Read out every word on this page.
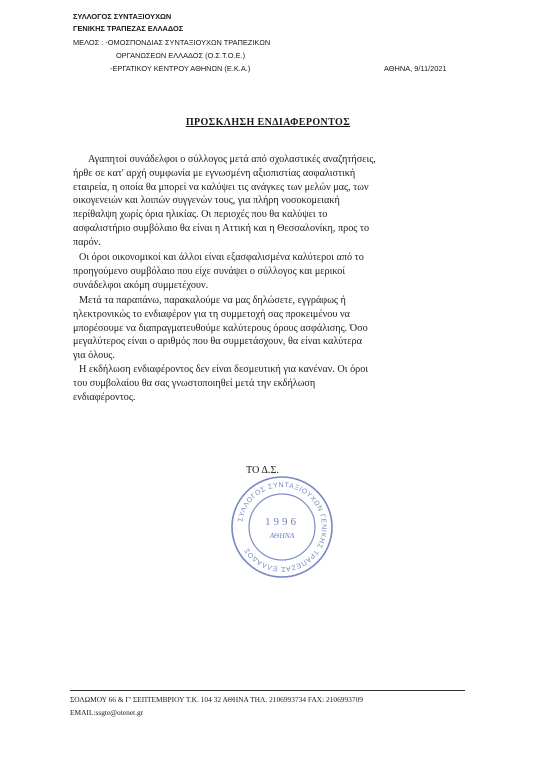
ΣΥΛΛΟΓΟΣ ΣΥΝΤΑΞΙΟΥΧΩΝ
ΓΕΝΙΚΗΣ ΤΡΑΠΕΖΑΣ ΕΛΛΑΔΟΣ
ΜΕΛΟΣ : -ΟΜΟΣΠΟΝΔΙΑΣ ΣΥΝΤΑΞΙΟΥΧΩΝ ΤΡΑΠΕΖΙΚΩΝ
ΟΡΓΑΝΩΣΕΩΝ ΕΛΛΑΔΟΣ (Ο.Σ.Τ.Ο.Ε.)
-ΕΡΓΑΤΙΚΟΥ ΚΕΝΤΡΟΥ ΑΘΗΝΩΝ (Ε.Κ.Α.)	ΑΘΗΝΑ, 9/11/2021
ΠΡΟΣΚΛΗΣΗ ΕΝΔΙΑΦΕΡΟΝΤΟΣ
Αγαπητοί συνάδελφοι ο σύλλογος μετά από σχολαστικές αναζητήσεις,
ήρθε σε κατ' αρχή συμφωνία με εγνωσμένη αξιοπιστίας ασφαλιστική
εταιρεία, η οποία θα μπορεί να καλύψει τις ανάγκες των μελών μας, των
οικογενειών και λοιπών συγγενών τους, για πλήρη νοσοκομειακή
περίθαλψη χωρίς όρια ηλικίας. Οι περιοχές που θα καλύψει το
ασφαλιστήριο συμβόλαιο θα είναι η Αττική και η Θεσσαλονίκη, προς το
παρόν.
Οι όροι οικονομικοί και άλλοι είναι εξασφαλισμένα καλύτεροι από το
προηγούμενο συμβόλαιο που είχε συνάψει ο σύλλογος και μερικοί
συνάδελφοι ακόμη συμμετέχουν.
Μετά τα παραπάνω, παρακαλούμε να μας δηλώσετε, εγγράφως ή
ηλεκτρονικώς το ενδιαφέρον για τη συμμετοχή σας προκειμένου να
μπορέσουμε να διαπραγματευθούμε καλύτερους όρους ασφάλισης. Όσο
μεγαλύτερος είναι ο αριθμός που θα συμμετάσχουν, θα είναι καλύτερα
για όλους.
Η εκδήλωση ενδιαφέροντος δεν είναι δεσμευτική για κανέναν. Οι όροι
του συμβολαίου θα σας γνωστοποιηθεί μετά την εκδήλωση
ενδιαφέροντος.
ΤΟ Δ.Σ.
ΣΥΛΛΟΓΟΣ ΣΥΝΤΑΞΙΟΥΧΩΝ ΓΕΝΙΚΗΣ ΤΡΑΠΕΖΑΣ ΕΛΛΑΔΟΣ
1996
ΑΘΗΝΑ
ΣΟΛΩΜΟΥ 66 & Γ' ΣΕΠΤΕΜΒΡΙΟΥ Τ.Κ. 104 32 ΑΘΗΝΑ ΤΗΛ. 2106993734 FAX: 2106993709
EMAIL:ssgte@otenet.gr
